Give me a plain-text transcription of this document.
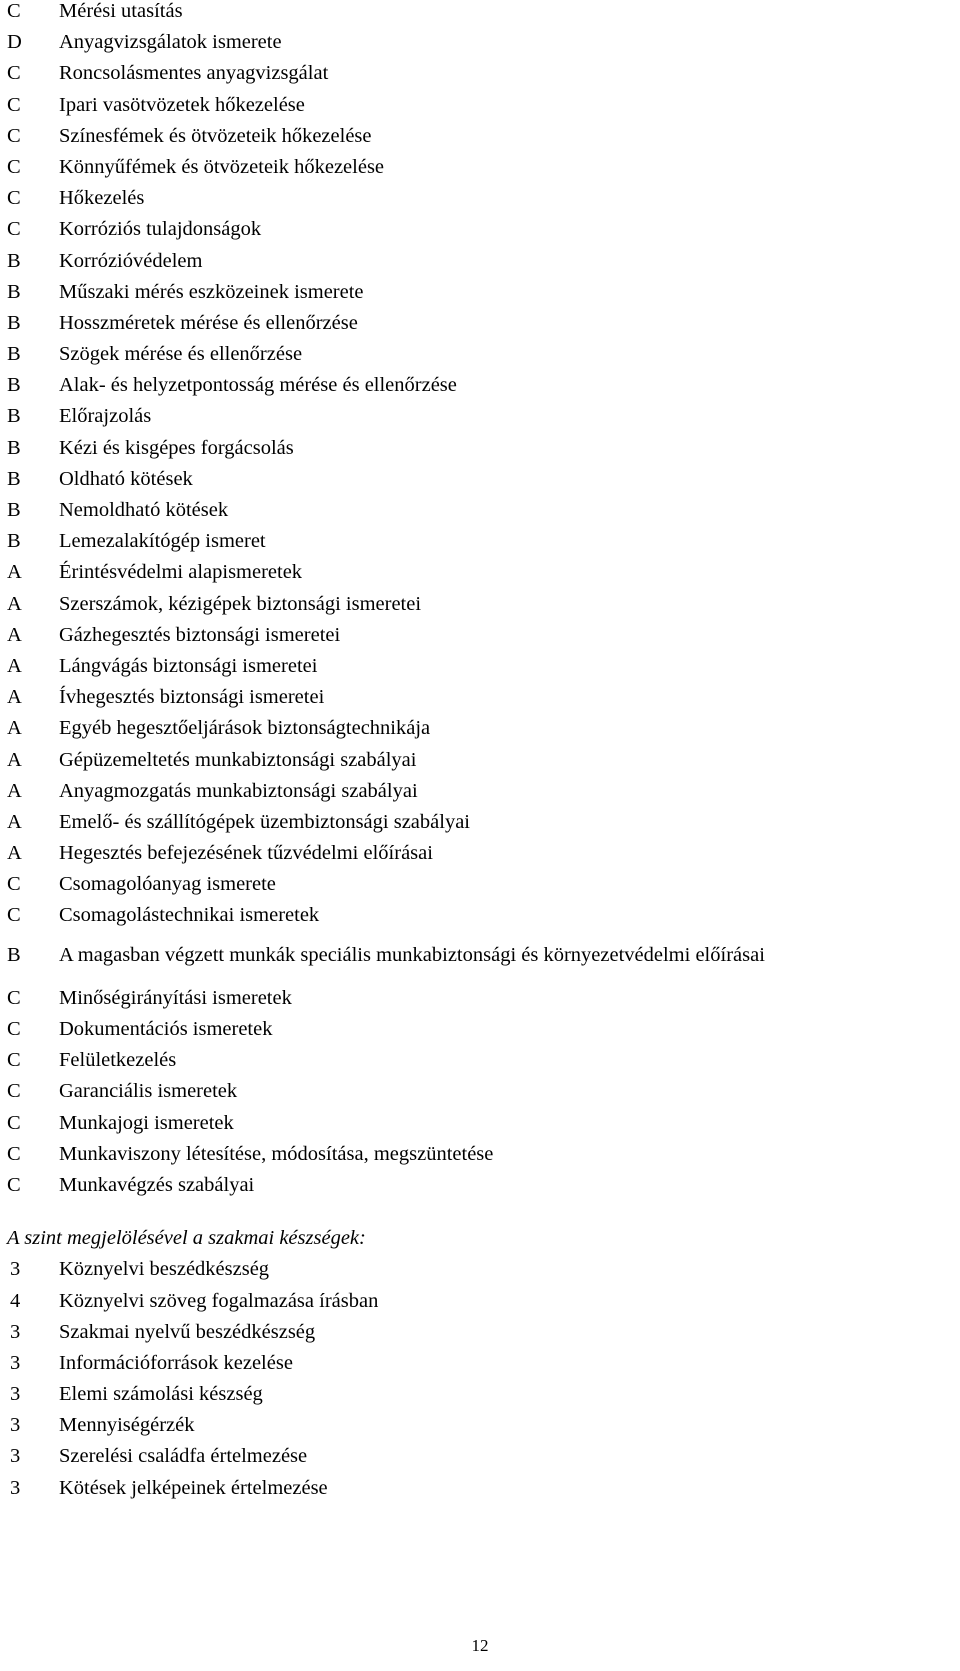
C	Mérési utasítás
D	Anyagvizsgálatok ismerete
C	Roncsolásmentes anyagvizsgálat
C	Ipari vasötvözetek hőkezelése
C	Színesfémek és ötvözeteik hőkezelése
C	Könnyűfémek és ötvözeteik hőkezelése
C	Hőkezelés
C	Korróziós tulajdonságok
B	Korrózióvédelem
B	Műszaki mérés eszközeinek ismerete
B	Hosszméretek mérése és ellenőrzése
B	Szögek mérése és ellenőrzése
B	Alak- és helyzetpontosság mérése és ellenőrzése
B	Előrajzolás
B	Kézi és kisgépes forgácsolás
B	Oldható kötések
B	Nemoldható kötések
B	Lemezalakítógép ismeret
A	Érintésvédelmi alapismeretek
A	Szerszámok, kézigépek biztonsági ismeretei
A	Gázhegesztés biztonsági ismeretei
A	Lángvágás biztonsági ismeretei
A	Ívhegesztés biztonsági ismeretei
A	Egyéb hegesztőeljárások biztonságtechnikája
A	Gépüzemeltetés munkabiztonsági szabályai
A	Anyagmozgatás munkabiztonsági szabályai
A	Emelő- és szállítógépek üzembiztonsági szabályai
A	Hegesztés befejezésének tűzvédelmi előírásai
C	Csomagolóanyag ismerete
C	Csomagolástechnikai ismeretek
B	A magasban végzett munkák speciális munkabiztonsági és környezetvédelmi előírásai
C	Minőségirányítási ismeretek
C	Dokumentációs ismeretek
C	Felületkezelés
C	Garanciális ismeretek
C	Munkajogi ismeretek
C	Munkaviszony létesítése, módosítása, megszüntetése
C	Munkavégzés szabályai
A szint megjelölésével a szakmai készségek:
3	Köznyelvi beszédkészség
4	Köznyelvi szöveg fogalmazása írásban
3	Szakmai nyelvű beszédkészség
3	Információforrások kezelése
3	Elemi számolási készség
3	Mennyiségérzék
3	Szerelési családfa értelmezése
3	Kötések jelképeinek értelmezése
12
